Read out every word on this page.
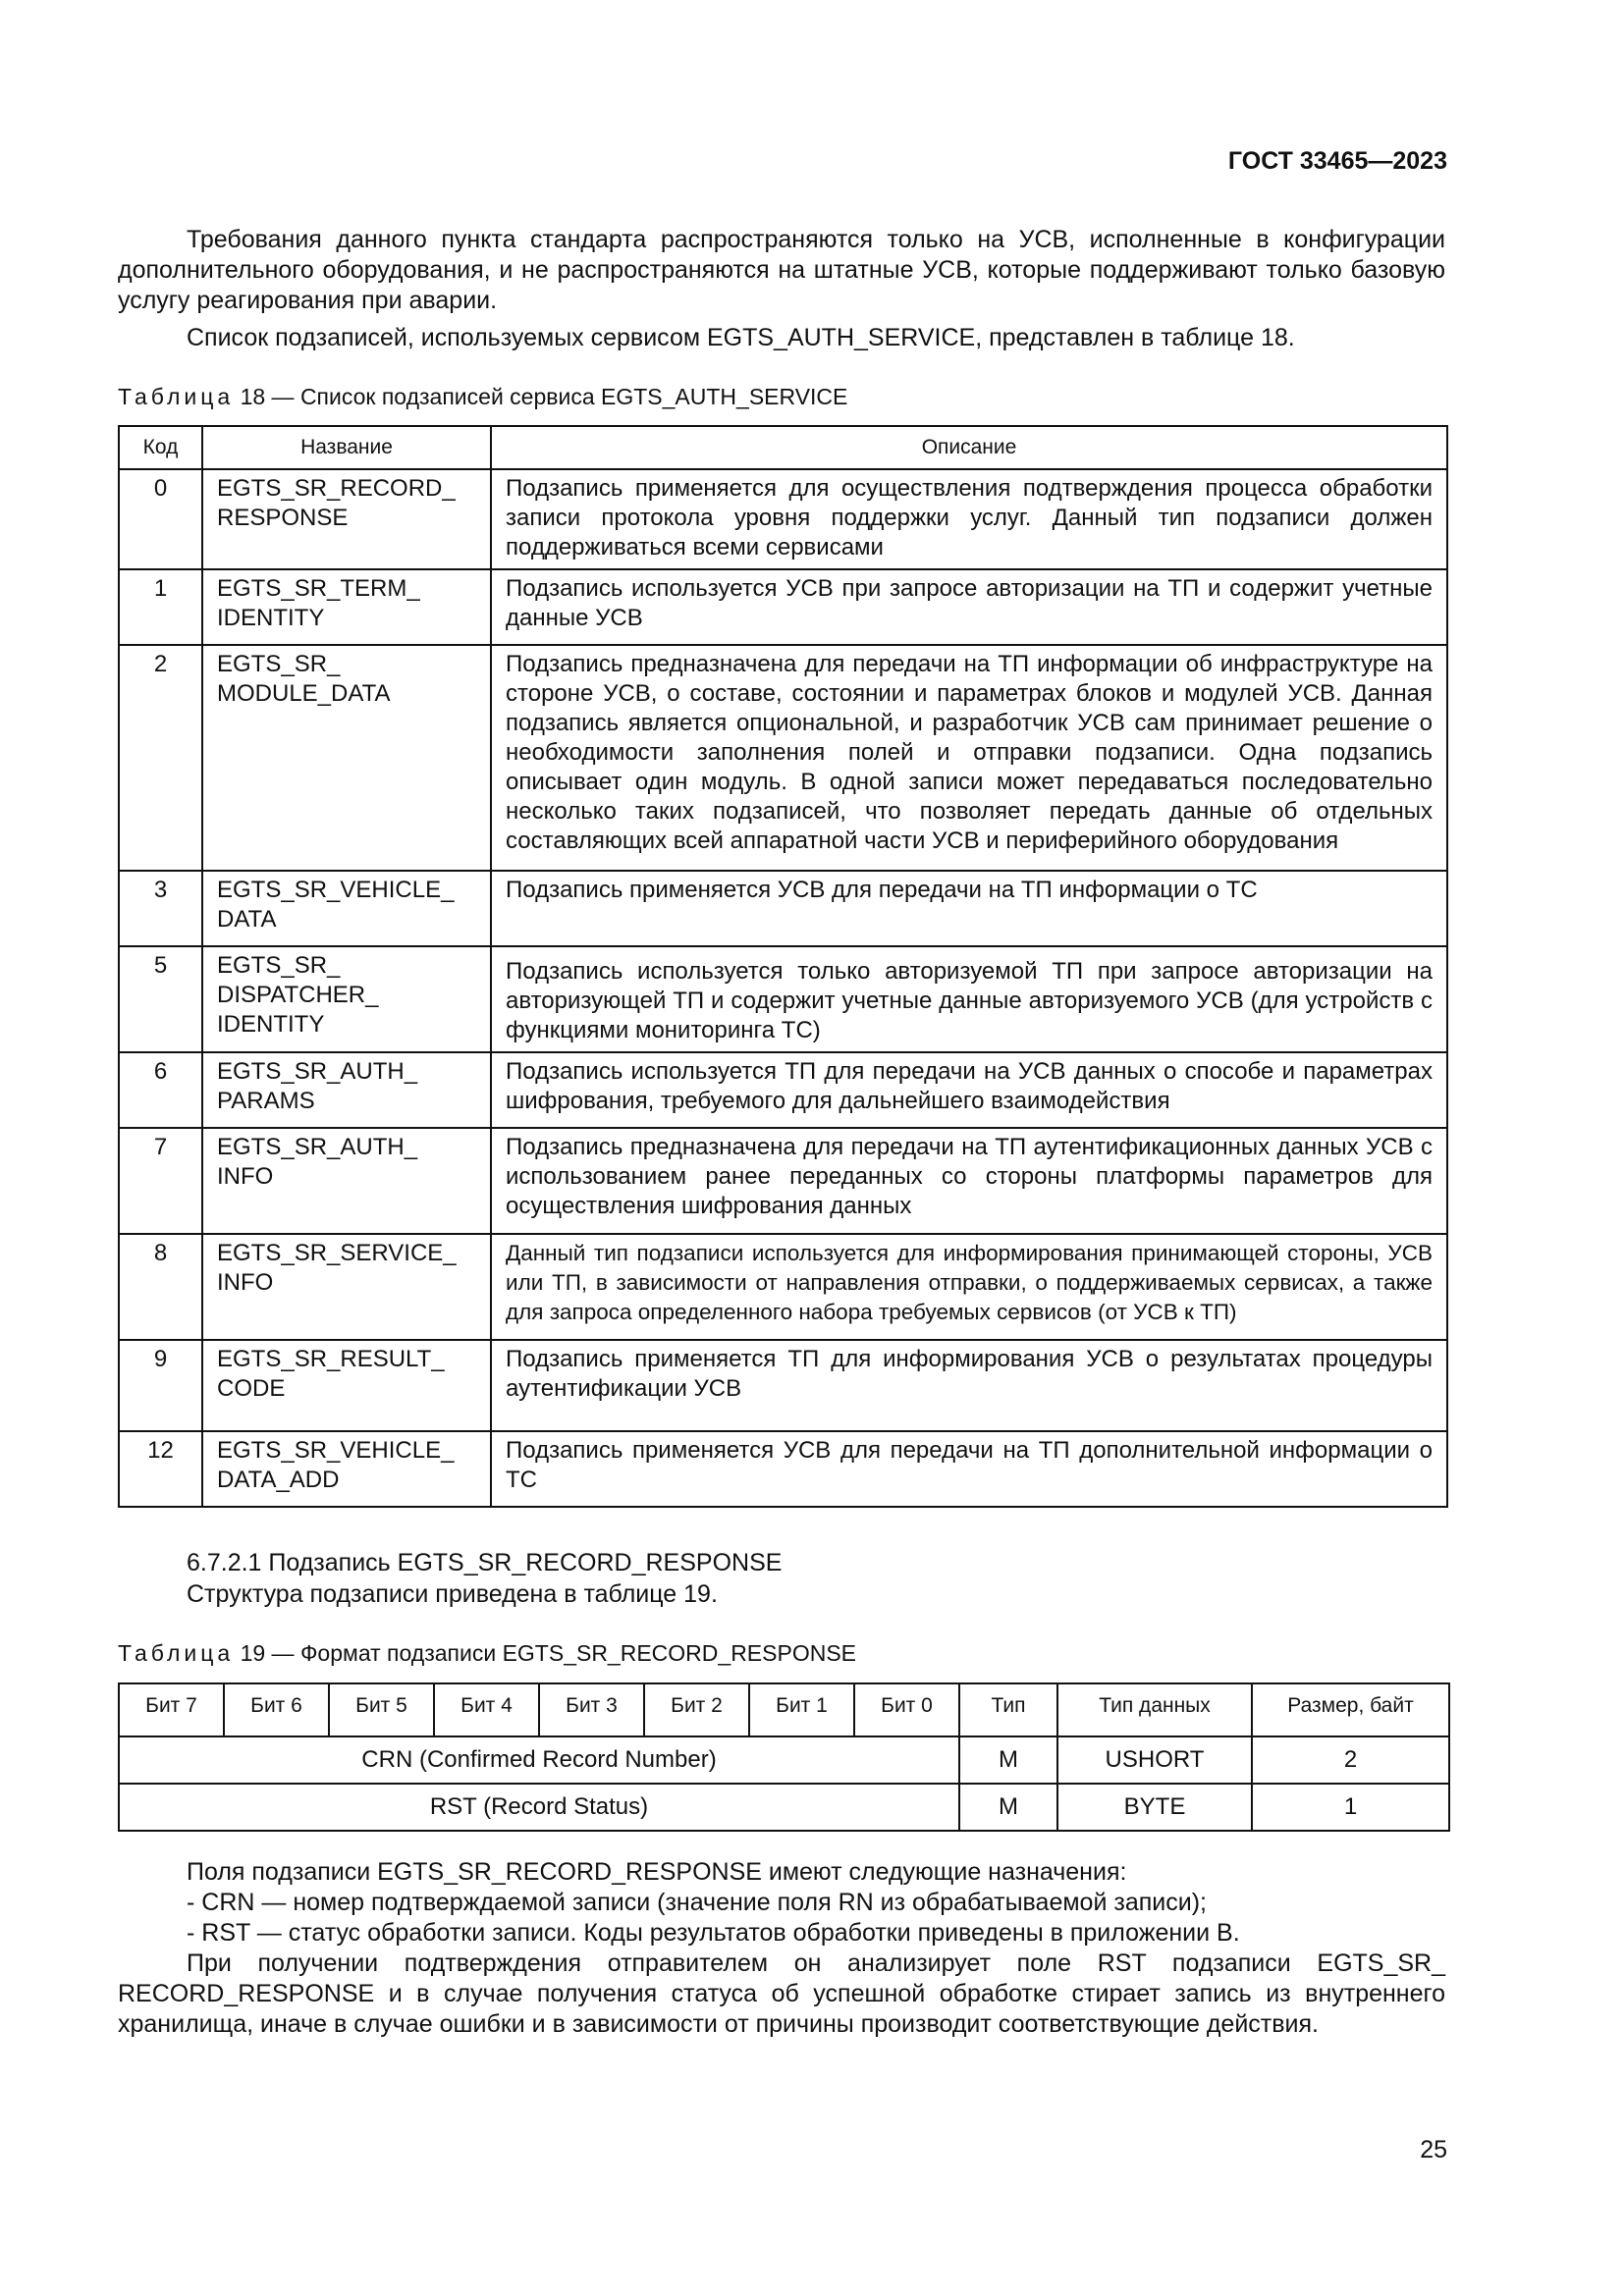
ГОСТ 33465—2023

Требования данного пункта стандарта распространяются только на УСВ, исполненные в конфигурации дополнительного оборудования, и не распространяются на штатные УСВ, которые поддерживают только базовую услугу реагирования при аварии.

Список подзаписей, используемых сервисом EGTS_AUTH_SERVICE, представлен в таблице 18.

Таблица 18 — Список подзаписей сервиса EGTS_AUTH_SERVICE
Код	Название	Описание
0	EGTS_SR_RECORD_ RESPONSE	Подзапись применяется для осуществления подтверждения процесса обработки записи протокола уровня поддержки услуг. Данный тип подзаписи должен поддерживаться всеми сервисами
1	EGTS_SR_TERM_ IDENTITY	Подзапись используется УСВ при запросе авторизации на ТП и содержит учетные данные УСВ
2	EGTS_SR_ MODULE_DATA	Подзапись предназначена для передачи на ТП информации об инфраструктуре на стороне УСВ, о составе, состоянии и параметрах блоков и модулей УСВ. Данная подзапись является опциональной, и разработчик УСВ сам принимает решение о необходимости заполнения полей и отправки подзаписи. Одна подзапись описывает один модуль. В одной записи может передаваться последовательно несколько таких подзаписей, что позволяет передать данные об отдельных составляющих всей аппаратной части УСВ и периферийного оборудования
3	EGTS_SR_VEHICLE_ DATA	Подзапись применяется УСВ для передачи на ТП информации о ТС
5	EGTS_SR_ DISPATCHER_ IDENTITY	Подзапись используется только авторизуемой ТП при запросе авторизации на авторизующей ТП и содержит учетные данные авторизуемого УСВ (для устройств с функциями мониторинга ТС)
6	EGTS_SR_AUTH_ PARAMS	Подзапись используется ТП для передачи на УСВ данных о способе и параметрах шифрования, требуемого для дальнейшего взаимодействия
7	EGTS_SR_AUTH_ INFO	Подзапись предназначена для передачи на ТП аутентификационных данных УСВ с использованием ранее переданных со стороны платформы параметров для осуществления шифрования данных
8	EGTS_SR_SERVICE_ INFO	Данный тип подзаписи используется для информирования принимающей стороны, УСВ или ТП, в зависимости от направления отправки, о поддерживаемых сервисах, а также для запроса определенного набора требуемых сервисов (от УСВ к ТП)
9	EGTS_SR_RESULT_ CODE	Подзапись применяется ТП для информирования УСВ о результатах процедуры аутентификации УСВ
12	EGTS_SR_VEHICLE_ DATA_ADD	Подзапись применяется УСВ для передачи на ТП дополнительной информации о ТС

6.7.2.1 Подзапись EGTS_SR_RECORD_RESPONSE

Структура подзаписи приведена в таблице 19.

Таблица 19 — Формат подзаписи EGTS_SR_RECORD_RESPONSE
Бит 7	Бит 6	Бит 5	Бит 4	Бит 3	Бит 2	Бит 1	Бит 0	Тип	Тип данных	Размер, байт
CRN (Confirmed Record Number)								M	USHORT	2
RST (Record Status)								M	BYTE	1

Поля подзаписи EGTS_SR_RECORD_RESPONSE имеют следующие назначения:

- CRN — номер подтверждаемой записи (значение поля RN из обрабатываемой записи);

- RST — статус обработки записи. Коды результатов обработки приведены в приложении В.

При получении подтверждения отправителем он анализирует поле RST подзаписи EGTS_SR_ RECORD_RESPONSE и в случае получения статуса об успешной обработке стирает запись из внутреннего хранилища, иначе в случае ошибки и в зависимости от причины производит соответствующие действия.

25
